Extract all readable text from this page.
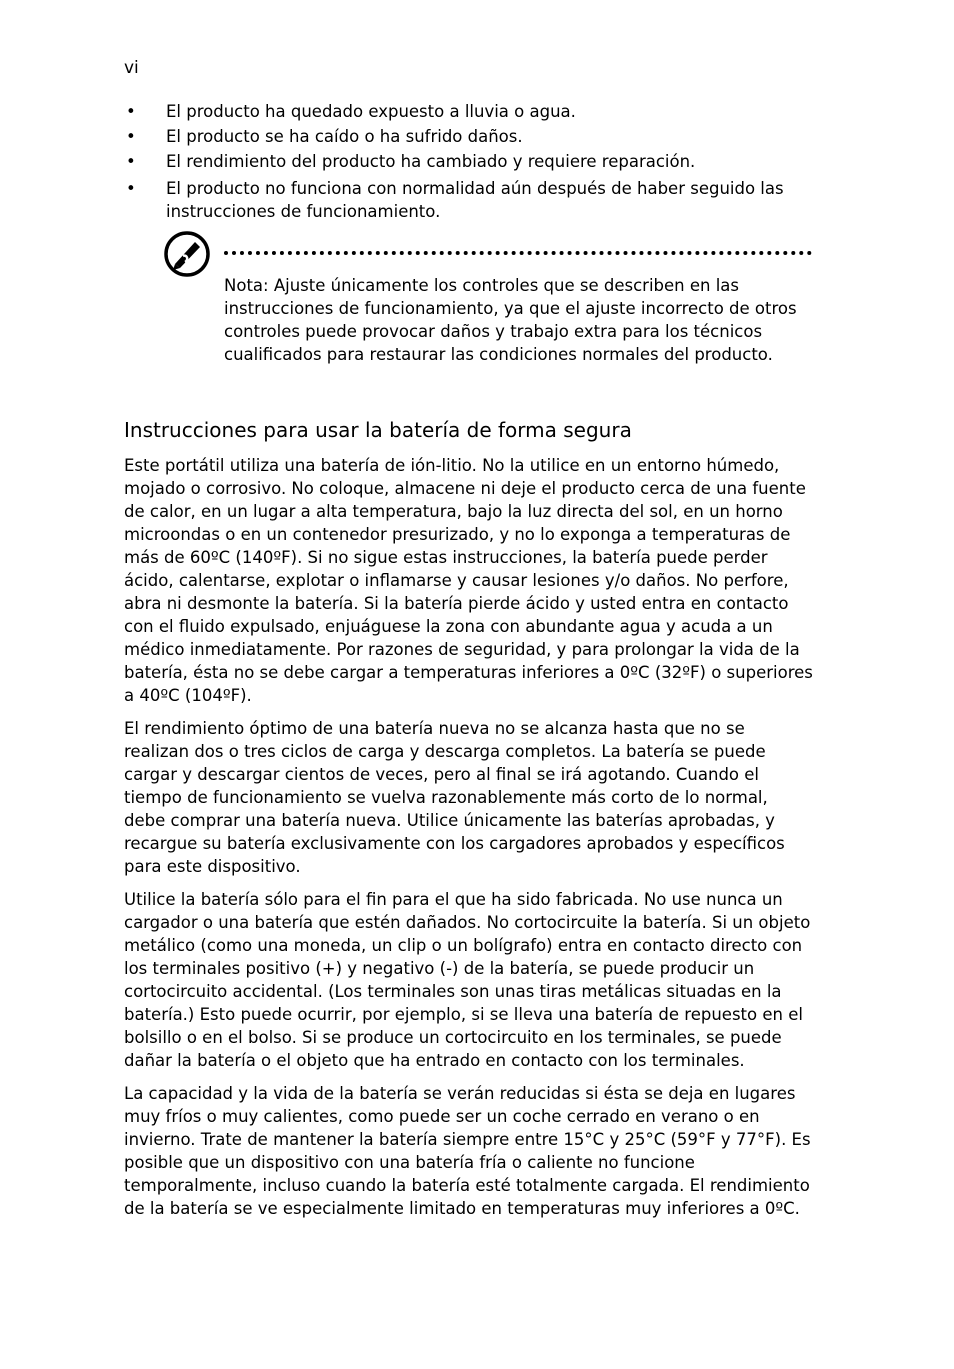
vi
• El producto ha quedado expuesto a lluvia o agua.
• El producto se ha caído o ha sufrido daños.
• El rendimiento del producto ha cambiado y requiere reparación.
• El producto no funciona con normalidad aún después de haber seguido las instrucciones de funcionamiento.
Nota: Ajuste únicamente los controles que se describen en las instrucciones de funcionamiento, ya que el ajuste incorrecto de otros controles puede provocar daños y trabajo extra para los técnicos cualificados para restaurar las condiciones normales del producto.
Instrucciones para usar la batería de forma segura

Este portátil utiliza una batería de ión-litio. No la utilice en un entorno húmedo, mojado o corrosivo. No coloque, almacene ni deje el producto cerca de una fuente de calor, en un lugar a alta temperatura, bajo la luz directa del sol, en un horno microondas o en un contenedor presurizado, y no lo exponga a temperaturas de más de 60ºC (140ºF). Si no sigue estas instrucciones, la batería puede perder ácido, calentarse, explotar o inflamarse y causar lesiones y/o daños. No perfore, abra ni desmonte la batería. Si la batería pierde ácido y usted entra en contacto con el fluido expulsado, enjuáguese la zona con abundante agua y acuda a un médico inmediatamente. Por razones de seguridad, y para prolongar la vida de la batería, ésta no se debe cargar a temperaturas inferiores a 0ºC (32ºF) o superiores a 40ºC (104ºF).

El rendimiento óptimo de una batería nueva no se alcanza hasta que no se realizan dos o tres ciclos de carga y descarga completos. La batería se puede cargar y descargar cientos de veces, pero al final se irá agotando. Cuando el tiempo de funcionamiento se vuelva razonablemente más corto de lo normal, debe comprar una batería nueva. Utilice únicamente las baterías aprobadas, y recargue su batería exclusivamente con los cargadores aprobados y específicos para este dispositivo.

Utilice la batería sólo para el fin para el que ha sido fabricada. No use nunca un cargador o una batería que estén dañados. No cortocircuite la batería. Si un objeto metálico (como una moneda, un clip o un bolígrafo) entra en contacto directo con los terminales positivo (+) y negativo (-) de la batería, se puede producir un cortocircuito accidental. (Los terminales son unas tiras metálicas situadas en la batería.) Esto puede ocurrir, por ejemplo, si se lleva una batería de repuesto en el bolsillo o en el bolso. Si se produce un cortocircuito en los terminales, se puede dañar la batería o el objeto que ha entrado en contacto con los terminales.

La capacidad y la vida de la batería se verán reducidas si ésta se deja en lugares muy fríos o muy calientes, como puede ser un coche cerrado en verano o en invierno. Trate de mantener la batería siempre entre 15°C y 25°C (59°F y 77°F). Es posible que un dispositivo con una batería fría o caliente no funcione temporalmente, incluso cuando la batería esté totalmente cargada. El rendimiento de la batería se ve especialmente limitado en temperaturas muy inferiores a 0ºC.
